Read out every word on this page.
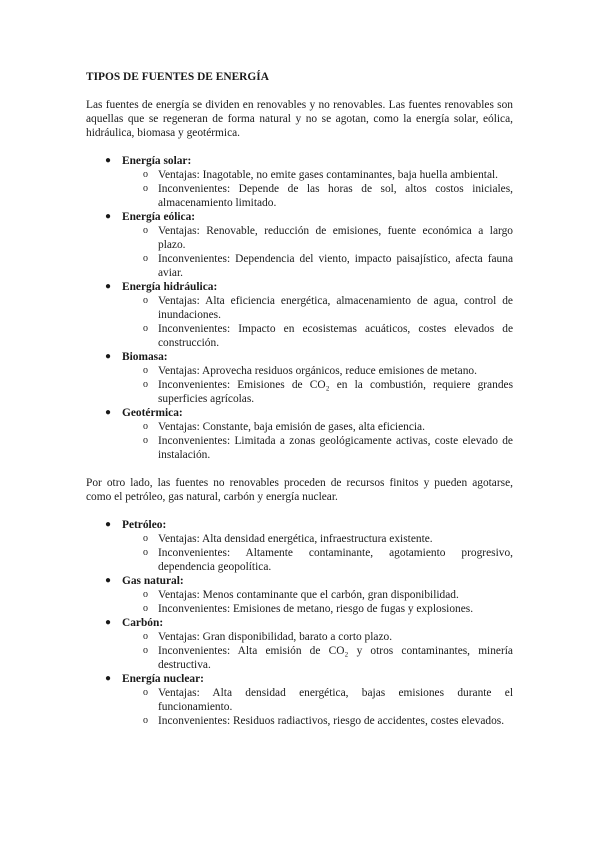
TIPOS DE FUENTES DE ENERGÍA

Las fuentes de energía se dividen en renovables y no renovables. Las fuentes renovables son aquellas que se regeneran de forma natural y no se agotan, como la energía solar, eólica, hidráulica, biomasa y geotérmica.

● Energía solar:
o Ventajas: Inagotable, no emite gases contaminantes, baja huella ambiental.
o Inconvenientes: Depende de las horas de sol, altos costos iniciales, almacenamiento limitado.
● Energía eólica:
o Ventajas: Renovable, reducción de emisiones, fuente económica a largo plazo.
o Inconvenientes: Dependencia del viento, impacto paisajístico, afecta fauna aviar.
● Energía hidráulica:
o Ventajas: Alta eficiencia energética, almacenamiento de agua, control de inundaciones.
o Inconvenientes: Impacto en ecosistemas acuáticos, costes elevados de construcción.
● Biomasa:
o Ventajas: Aprovecha residuos orgánicos, reduce emisiones de metano.
o Inconvenientes: Emisiones de CO₂ en la combustión, requiere grandes superficies agrícolas.
● Geotérmica:
o Ventajas: Constante, baja emisión de gases, alta eficiencia.
o Inconvenientes: Limitada a zonas geológicamente activas, coste elevado de instalación.

Por otro lado, las fuentes no renovables proceden de recursos finitos y pueden agotarse, como el petróleo, gas natural, carbón y energía nuclear.

● Petróleo:
o Ventajas: Alta densidad energética, infraestructura existente.
o Inconvenientes: Altamente contaminante, agotamiento progresivo, dependencia geopolítica.
● Gas natural:
o Ventajas: Menos contaminante que el carbón, gran disponibilidad.
o Inconvenientes: Emisiones de metano, riesgo de fugas y explosiones.
● Carbón:
o Ventajas: Gran disponibilidad, barato a corto plazo.
o Inconvenientes: Alta emisión de CO₂ y otros contaminantes, minería destructiva.
● Energía nuclear:
o Ventajas: Alta densidad energética, bajas emisiones durante el funcionamiento.
o Inconvenientes: Residuos radiactivos, riesgo de accidentes, costes elevados.
